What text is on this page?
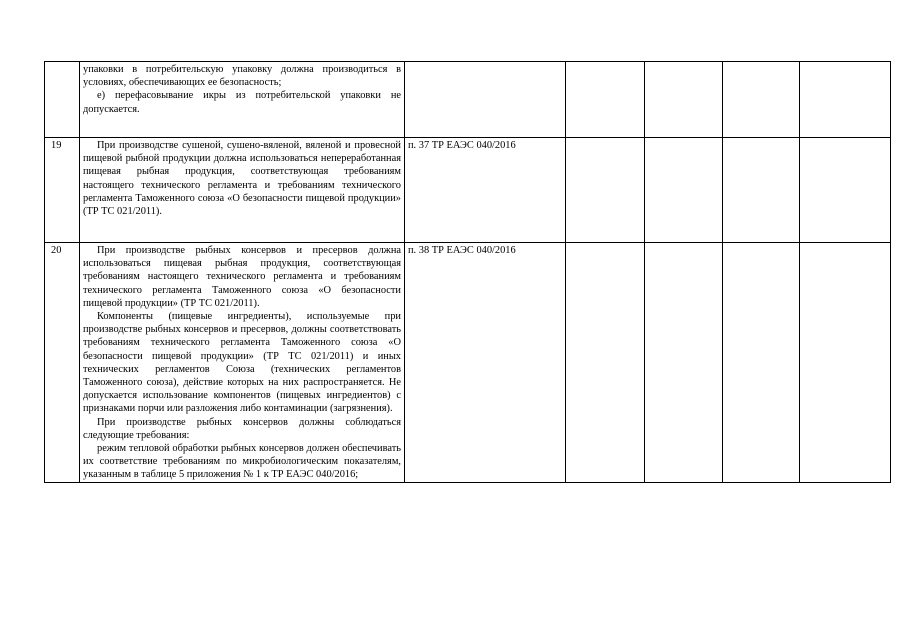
	упаковки в потребительскую упаковку должна производиться в условиях, обеспечивающих ее безопасность;

е) перефасовывание икры из потребительской упаковки не допускается.					

19	При производстве сушеной, сушено-вяленой, вяленой и провесной пищевой рыбной продукции должна использоваться непереработанная пищевая рыбная продукция, соответствующая требованиям настоящего технического регламента и требованиям технического регламента Таможенного союза «О безопасности пищевой продукции» (ТР ТС 021/2011).	п. 37 ТР ЕАЭС 040/2016				
20	При производстве рыбных консервов и пресервов должна использоваться пищевая рыбная продукция, соответствующая требованиям настоящего технического регламента и требованиям технического регламента Таможенного союза «О безопасности пищевой продукции» (ТР ТС 021/2011).

Компоненты (пищевые ингредиенты), используемые при производстве рыбных консервов и пресервов, должны соответствовать требованиям технического регламента Таможенного союза «О безопасности пищевой продукции» (ТР ТС 021/2011) и иных технических регламентов Союза (технических регламентов Таможенного союза), действие которых на них распространяется. Не допускается использование компонентов (пищевых ингредиентов) с признаками порчи или разложения либо контаминации (загрязнения).

При производстве рыбных консервов должны соблюдаться следующие требования:

режим тепловой обработки рыбных консервов должен обеспечивать их соответствие требованиям по микробиологическим показателям, указанным в таблице 5 приложения № 1 к ТР ЕАЭС 040/2016;	п. 38 ТР ЕАЭС 040/2016				
